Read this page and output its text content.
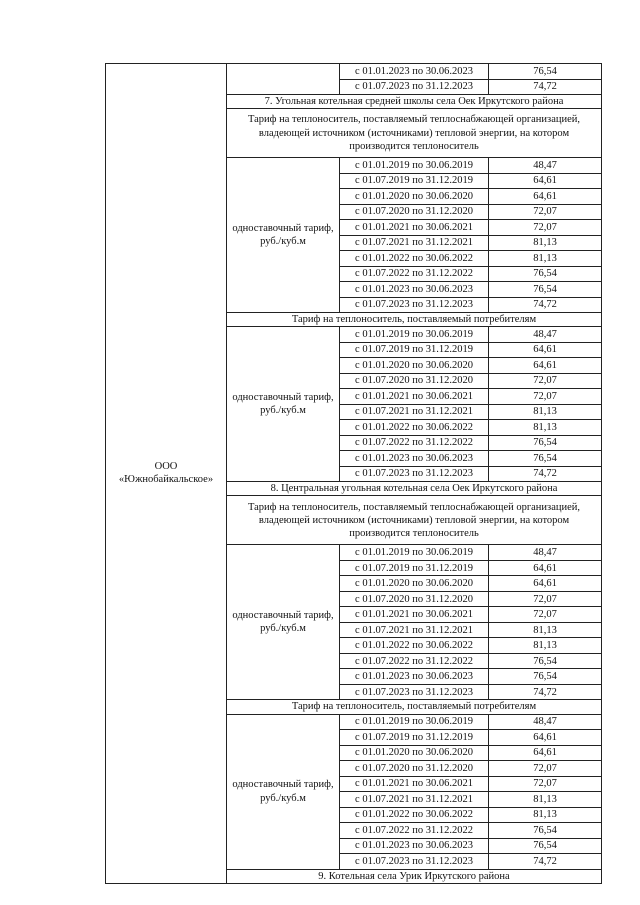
ООО
«Южнобайкальское»		с 01.01.2023 по 30.06.2023	76,54
		с 01.07.2023 по 31.12.2023	74,72
	7. Угольная котельная средней школы села Оек Иркутского района		
	Тариф на теплоноситель, поставляемый теплоснабжающей организацией, владеющей источником (источниками) тепловой энергии, на котором производится теплоноситель		

	одноставочный тариф,
руб./куб.м	с 01.01.2019 по 30.06.2019	48,47
		с 01.07.2019 по 31.12.2019	64,61
		с 01.01.2020 по 30.06.2020	64,61
		с 01.07.2020 по 31.12.2020	72,07
		с 01.01.2021 по 30.06.2021	72,07
		с 01.07.2021 по 31.12.2021	81,13
		с 01.01.2022 по 30.06.2022	81,13
		с 01.07.2022 по 31.12.2022	76,54
		с 01.01.2023 по 30.06.2023	76,54
		с 01.07.2023 по 31.12.2023	74,72
	Тариф на теплоноситель, поставляемый потребителям		

	одноставочный тариф,
руб./куб.м	с 01.01.2019 по 30.06.2019	48,47
		с 01.07.2019 по 31.12.2019	64,61
		с 01.01.2020 по 30.06.2020	64,61
		с 01.07.2020 по 31.12.2020	72,07
		с 01.01.2021 по 30.06.2021	72,07
		с 01.07.2021 по 31.12.2021	81,13
		с 01.01.2022 по 30.06.2022	81,13
		с 01.07.2022 по 31.12.2022	76,54
		с 01.01.2023 по 30.06.2023	76,54
		с 01.07.2023 по 31.12.2023	74,72
	8. Центральная угольная котельная села Оек Иркутского района		
	Тариф на теплоноситель, поставляемый теплоснабжающей организацией, владеющей источником (источниками) тепловой энергии, на котором производится теплоноситель		

	одноставочный тариф,
руб./куб.м	с 01.01.2019 по 30.06.2019	48,47
		с 01.07.2019 по 31.12.2019	64,61
		с 01.01.2020 по 30.06.2020	64,61
		с 01.07.2020 по 31.12.2020	72,07
		с 01.01.2021 по 30.06.2021	72,07
		с 01.07.2021 по 31.12.2021	81,13
		с 01.01.2022 по 30.06.2022	81,13
		с 01.07.2022 по 31.12.2022	76,54
		с 01.01.2023 по 30.06.2023	76,54
		с 01.07.2023 по 31.12.2023	74,72
	Тариф на теплоноситель, поставляемый потребителям		

	одноставочный тариф,
руб./куб.м	с 01.01.2019 по 30.06.2019	48,47
		с 01.07.2019 по 31.12.2019	64,61
		с 01.01.2020 по 30.06.2020	64,61
		с 01.07.2020 по 31.12.2020	72,07
		с 01.01.2021 по 30.06.2021	72,07
		с 01.07.2021 по 31.12.2021	81,13
		с 01.01.2022 по 30.06.2022	81,13
		с 01.07.2022 по 31.12.2022	76,54
		с 01.01.2023 по 30.06.2023	76,54
		с 01.07.2023 по 31.12.2023	74,72
	9. Котельная села Урик Иркутского района		
